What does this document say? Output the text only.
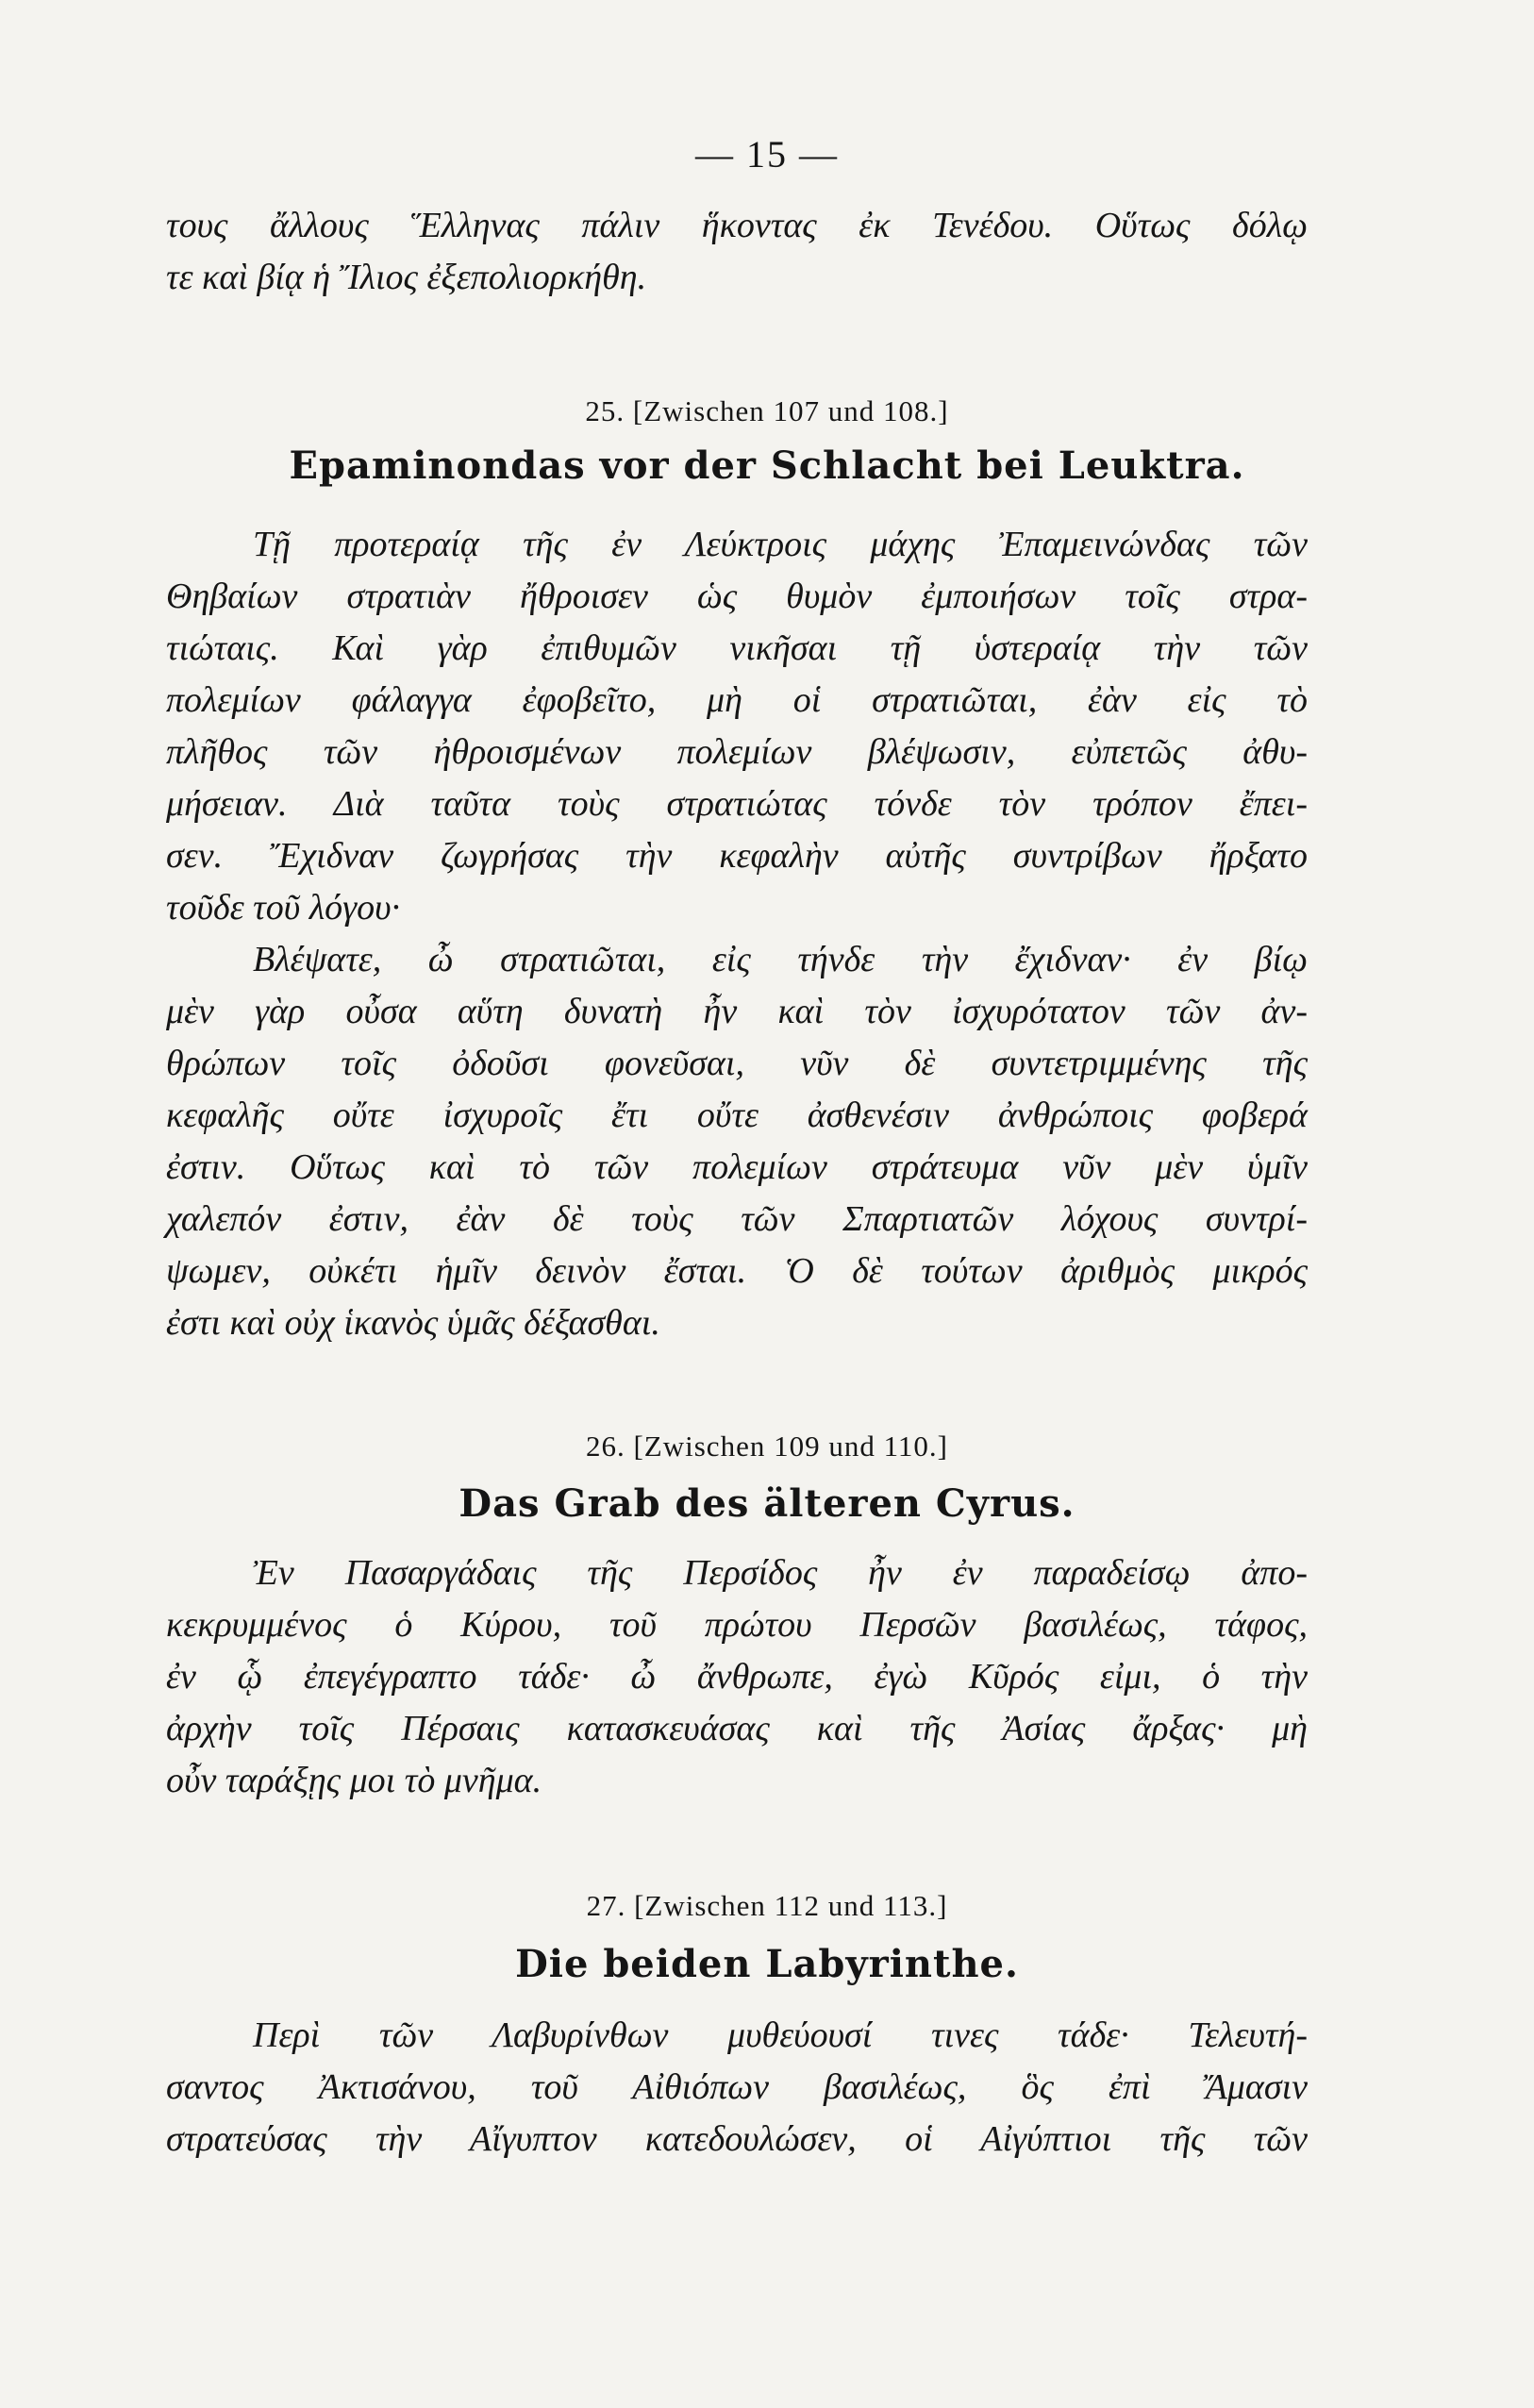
— 15 —

τους ἄλλους Ἕλληνας πάλιν ἥκοντας ἐκ Τενέδου. Οὕτως δόλῳ
τε καὶ βίᾳ ἡ Ἴλιος ἐξεπολιορκήθη.

25. [Zwischen 107 und 108.]
Epaminondas vor der Schlacht bei Leuktra.

Τῇ προτεραίᾳ τῆς ἐν Λεύκτροις μάχης Ἐπαμεινώνδας τῶν
Θηβαίων στρατιὰν ἤθροισεν ὡς θυμὸν ἐμποιήσων τοῖς στρα-
τιώταις. Καὶ γὰρ ἐπιθυμῶν νικῆσαι τῇ ὑστεραίᾳ τὴν τῶν
πολεμίων φάλαγγα ἐφοβεῖτο, μὴ οἱ στρατιῶται, ἐὰν εἰς τὸ
πλῆθος τῶν ἠθροισμένων πολεμίων βλέψωσιν, εὐπετῶς ἀθυ-
μήσειαν. Διὰ ταῦτα τοὺς στρατιώτας τόνδε τὸν τρόπον ἔπει-
σεν. Ἔχιδναν ζωγρήσας τὴν κεφαλὴν αὐτῆς συντρίβων ἤρξατο
τοῦδε τοῦ λόγου·

Βλέψατε, ὦ στρατιῶται, εἰς τήνδε τὴν ἔχιδναν· ἐν βίῳ
μὲν γὰρ οὖσα αὕτη δυνατὴ ἦν καὶ τὸν ἰσχυρότατον τῶν ἀν-
θρώπων τοῖς ὀδοῦσι φονεῦσαι, νῦν δὲ συντετριμμένης τῆς
κεφαλῆς οὔτε ἰσχυροῖς ἔτι οὔτε ἀσθενέσιν ἀνθρώποις φοβερά
ἐστιν. Οὕτως καὶ τὸ τῶν πολεμίων στράτευμα νῦν μὲν ὑμῖν
χαλεπόν ἐστιν, ἐὰν δὲ τοὺς τῶν Σπαρτιατῶν λόχους συντρί-
ψωμεν, οὐκέτι ἡμῖν δεινὸν ἔσται. Ὁ δὲ τούτων ἀριθμὸς μικρός
ἐστι καὶ οὐχ ἱκανὸς ὑμᾶς δέξασθαι.

26. [Zwischen 109 und 110.]
Das Grab des älteren Cyrus.

Ἐν Πασαργάδαις τῆς Περσίδος ἦν ἐν παραδείσῳ ἀπο-
κεκρυμμένος ὁ Κύρου, τοῦ πρώτου Περσῶν βασιλέως, τάφος,
ἐν ᾧ ἐπεγέγραπτο τάδε· ὦ ἄνθρωπε, ἐγὼ Κῦρός εἰμι, ὁ τὴν
ἀρχὴν τοῖς Πέρσαις κατασκευάσας καὶ τῆς Ἀσίας ἄρξας· μὴ
οὖν ταράξῃς μοι τὸ μνῆμα.

27. [Zwischen 112 und 113.]
Die beiden Labyrinthe.

Περὶ τῶν Λαβυρίνθων μυθεύουσί τινες τάδε· Τελευτή-
σαντος Ἀκτισάνου, τοῦ Αἰθιόπων βασιλέως, ὃς ἐπὶ Ἄμασιν
στρατεύσας τὴν Αἴγυπτον κατεδουλώσεν, οἱ Αἰγύπτιοι τῆς τῶν
